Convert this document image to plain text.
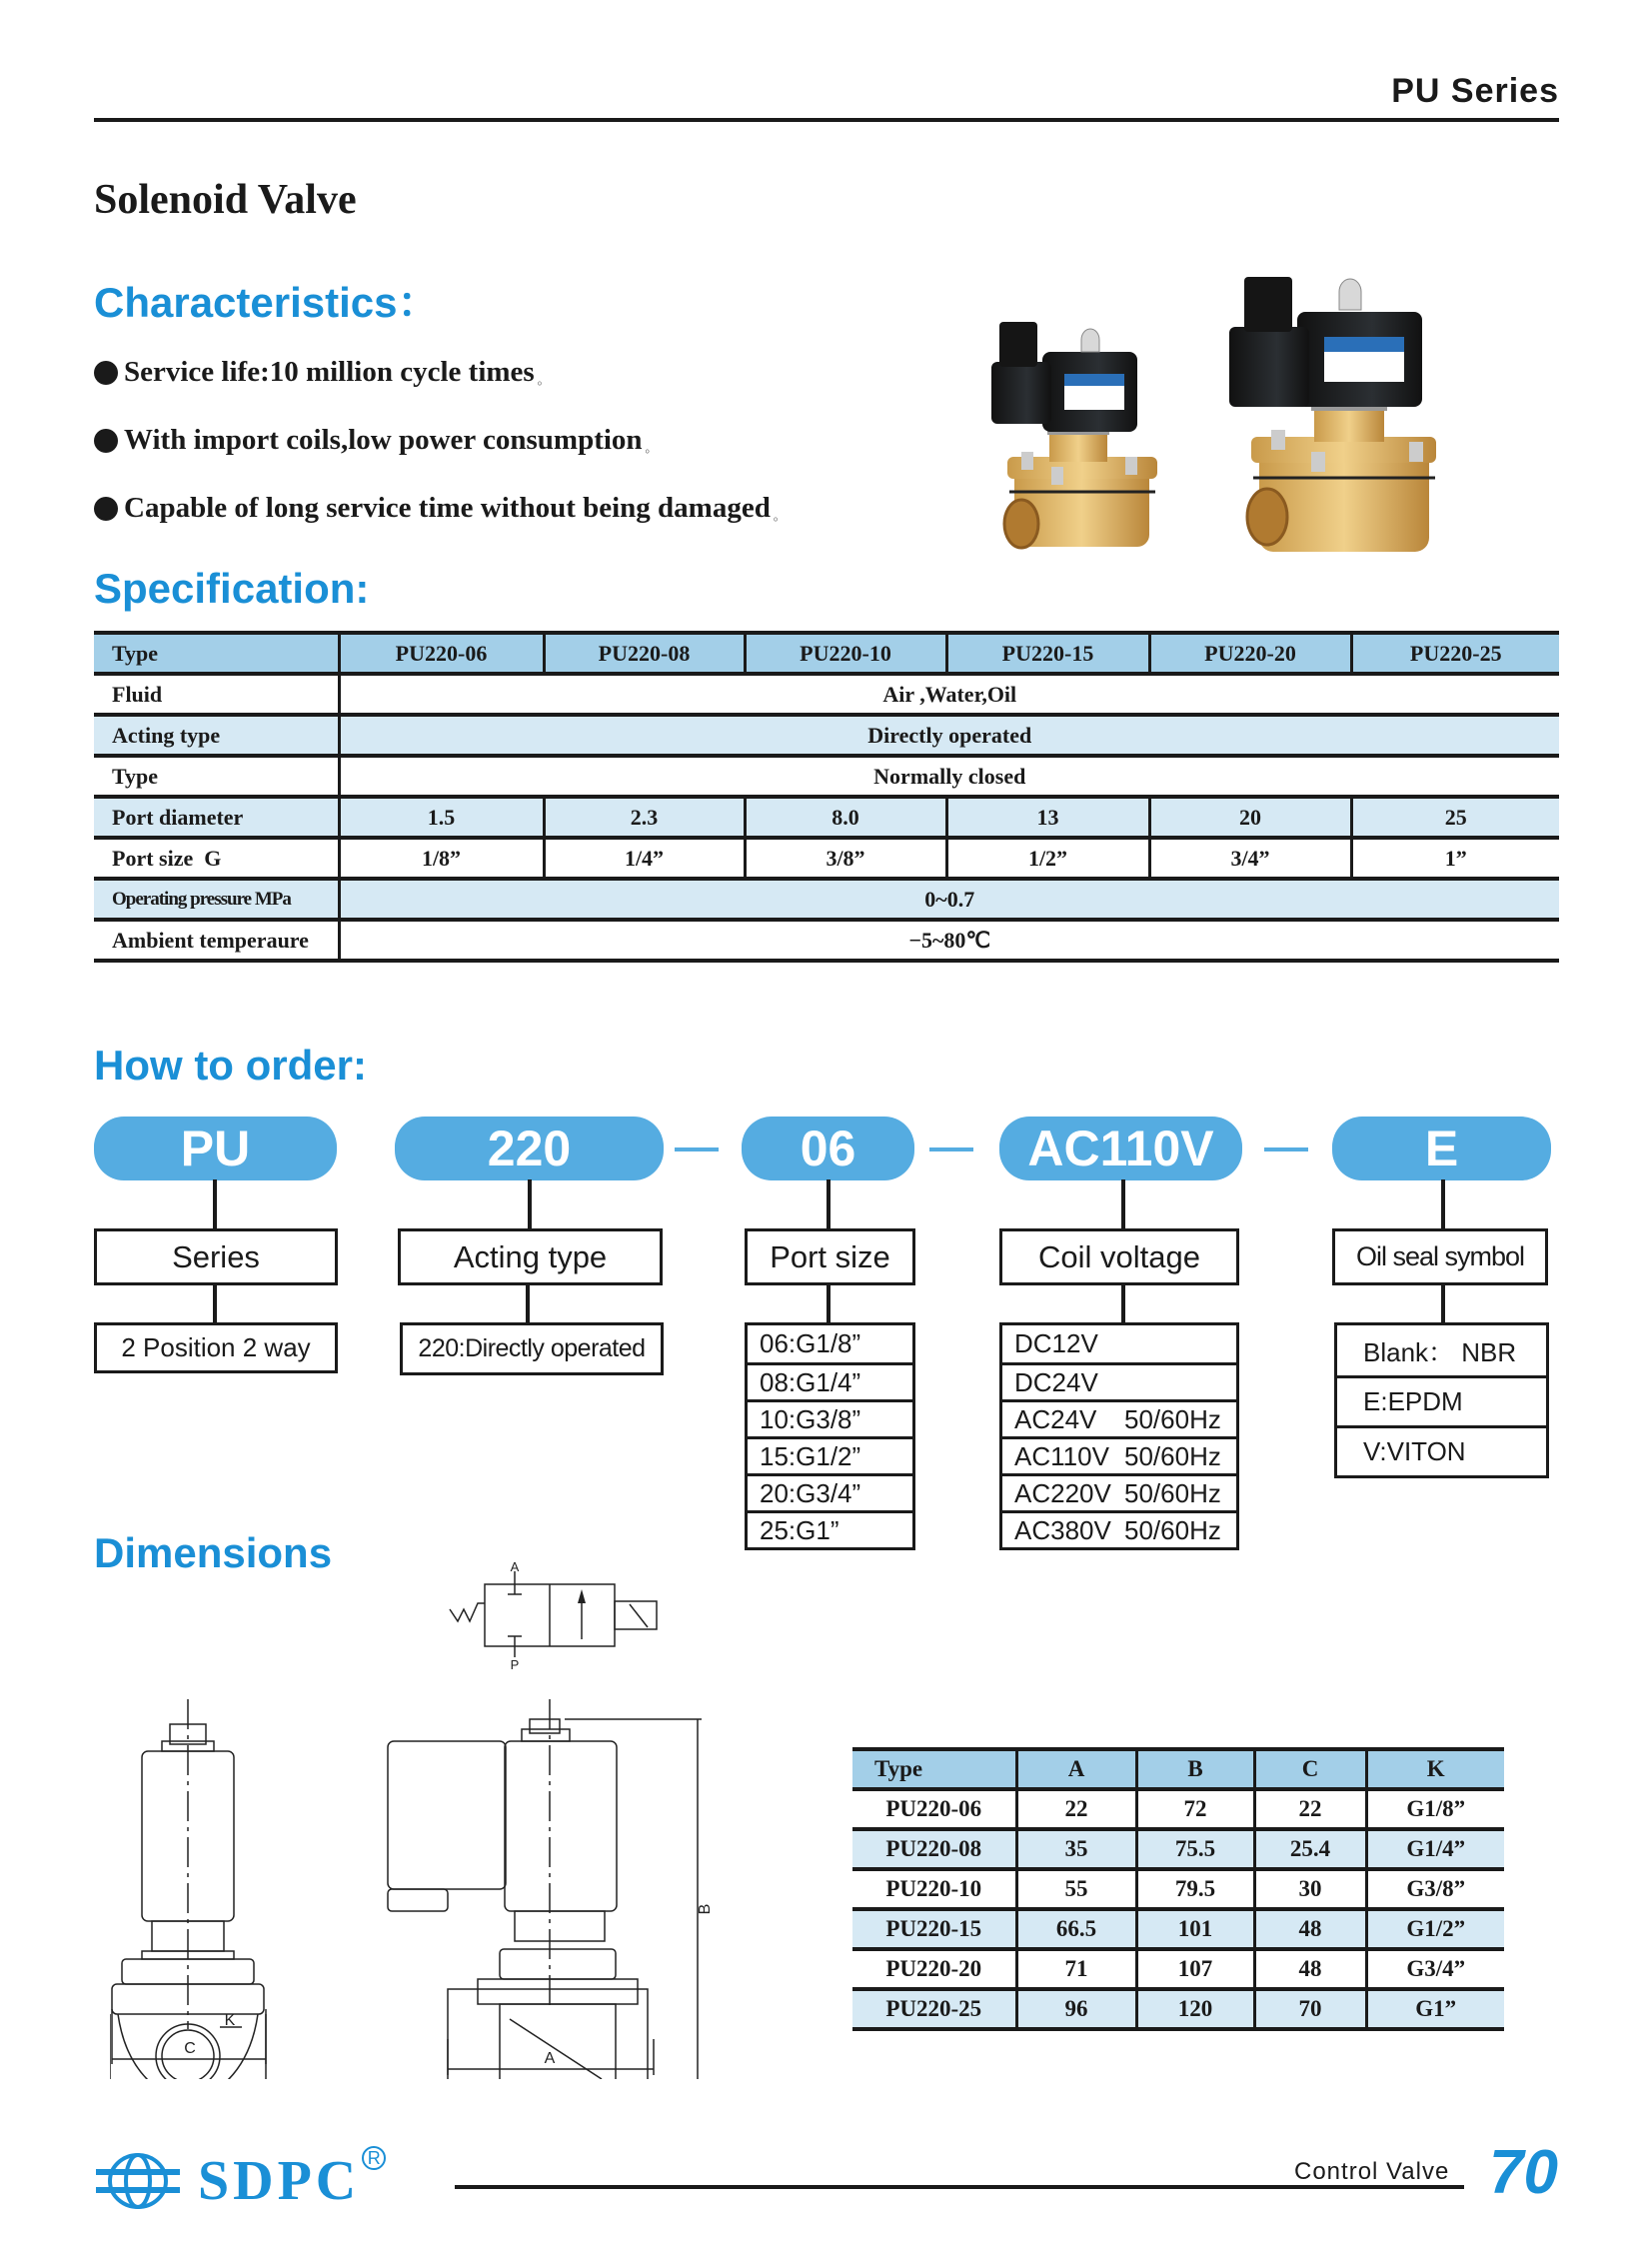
PU Series
Solenoid Valve
Characteristics：
Service life:10 million cycle times 。
With import coils,low power consumption 。
Capable of long service time without being damaged 。
Specification:
Type	PU220-06	PU220-08	PU220-10	PU220-15	PU220-20	PU220-25
Fluid	Air ,Water,Oil
Acting type	Directly operated
Type	Normally closed
Port diameter	1.5	2.3	8.0	13	20	25
Port size  G	1/8”	1/4”	3/8”	1/2”	3/4”	1”
Operating pressure MPa	0~0.7
Ambient temperaure	−5~80℃
How to order:
PU	220	06	AC110V	E
Series	Acting type	Port size	Coil voltage	Oil seal symbol
2 Position 2 way	220:Directly operated	06:G1/8”
08:G1/4”
10:G3/8”
15:G1/2”
20:G3/4”
25:G1”
DC12V
DC24V
AC24V 50/60Hz
AC110V 50/60Hz
AC220V 50/60Hz
AC380V 50/60Hz
Blank： NBR
E:EPDM
V:VITON
Dimensions	A
P
C
K
B
A
Type	A	B	C	K
PU220-06	22	72	22	G1/8”
PU220-08	35	75.5	25.4	G1/4”
PU220-10	55	79.5	30	G3/8”
PU220-15	66.5	101	48	G1/2”
PU220-20	71	107	48	G3/4”
PU220-25	96	120	70	G1”
SDPC R	Control Valve 70
